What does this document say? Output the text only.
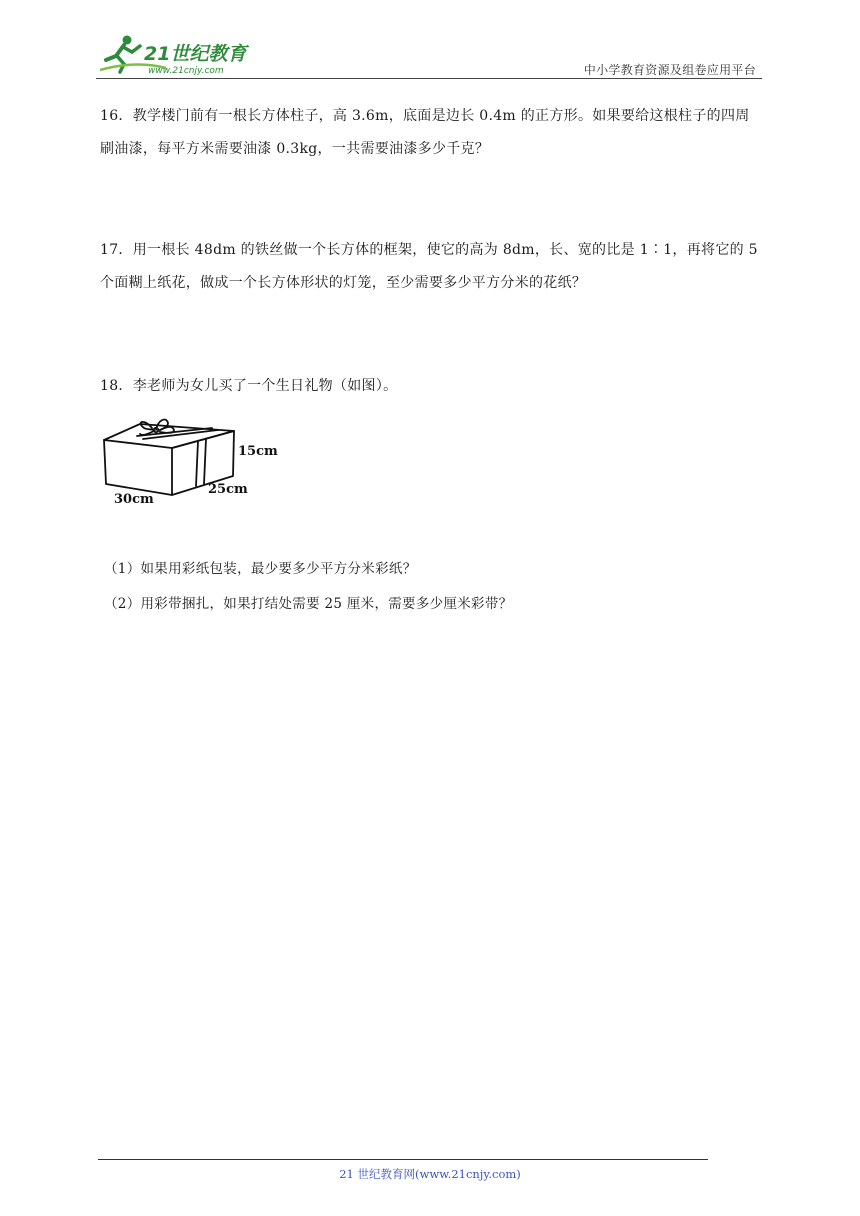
21世纪教育
www.21cnjy.com	中小学教育资源及组卷应用平台
16．教学楼门前有一根长方体柱子，高 3.6m，底面是边长 0.4m 的正方形。如果要给这根柱子的四周
刷油漆，每平方米需要油漆 0.3kg，一共需要油漆多少千克？
17．用一根长 48dm 的铁丝做一个长方体的框架，使它的高为 8dm，长、宽的比是 1∶1，再将它的 5
个面糊上纸花，做成一个长方体形状的灯笼，至少需要多少平方分米的花纸？
18．李老师为女儿买了一个生日礼物（如图）。
15cm
25cm
30cm
（1）如果用彩纸包装，最少要多少平方分米彩纸？
（2）用彩带捆扎，如果打结处需要 25 厘米，需要多少厘米彩带？
21 世纪教育网(www.21cnjy.com)
